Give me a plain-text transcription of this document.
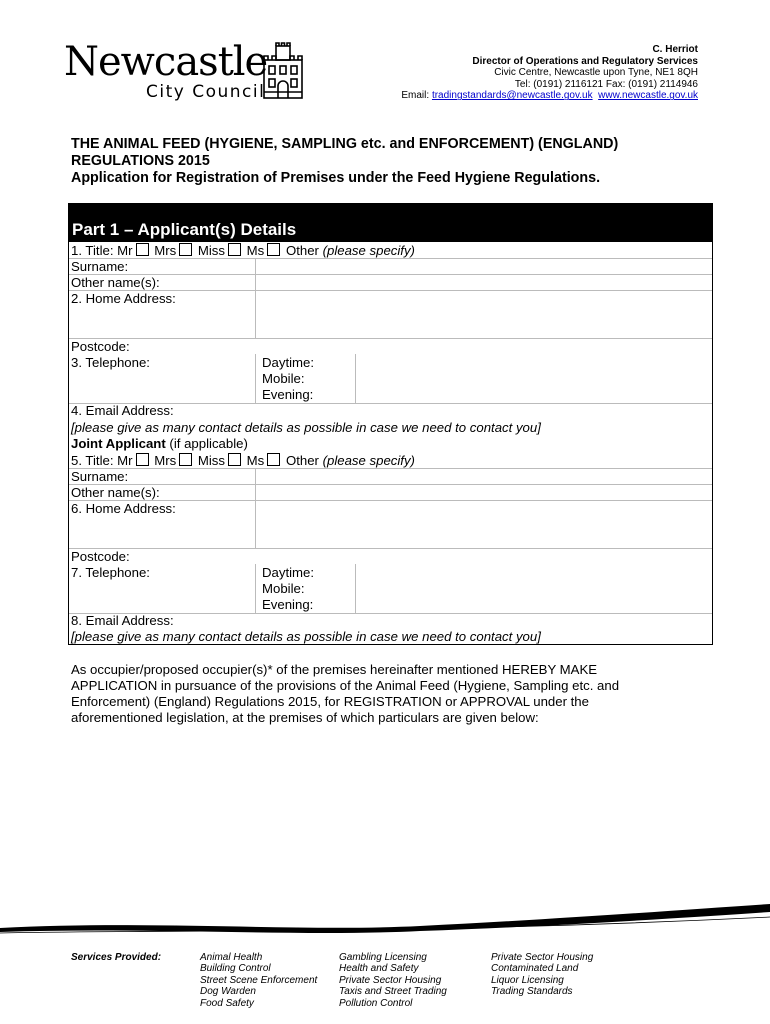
Newcastle
City Council
C. Herriot
Director of Operations and Regulatory Services
Civic Centre, Newcastle upon Tyne, NE1 8QH
Tel: (0191) 2116121 Fax: (0191) 2114946
Email: tradingstandards@newcastle.gov.uk www.newcastle.gov.uk
THE ANIMAL FEED (HYGIENE, SAMPLING etc. and ENFORCEMENT) (ENGLAND)
REGULATIONS 2015
Application for Registration of Premises under the Feed Hygiene Regulations.
Part 1 – Applicant(s) Details
1. Title: Mr Mrs Miss Ms Other (please specify)
Surname:
Other name(s):
2. Home Address:
Postcode:
3. Telephone:	Daytime:
Mobile:
Evening:
4. Email Address:
[please give as many contact details as possible in case we need to contact you]
Joint Applicant (if applicable)
5. Title: Mr Mrs Miss Ms Other (please specify)
Surname:
Other name(s):
6. Home Address:
Postcode:
7. Telephone:	Daytime:
Mobile:
Evening:
8. Email Address:
[please give as many contact details as possible in case we need to contact you]
As occupier/proposed occupier(s)* of the premises hereinafter mentioned HEREBY MAKE
APPLICATION in pursuance of the provisions of the Animal Feed (Hygiene, Sampling etc. and
Enforcement) (England) Regulations 2015, for REGISTRATION or APPROVAL under the
aforementioned legislation, at the premises of which particulars are given below:
Services Provided:	Animal Health
Building Control
Street Scene Enforcement
Dog Warden
Food Safety
Gambling Licensing
Health and Safety
Private Sector Housing
Taxis and Street Trading
Pollution Control
Private Sector Housing
Contaminated Land
Liquor Licensing
Trading Standards
